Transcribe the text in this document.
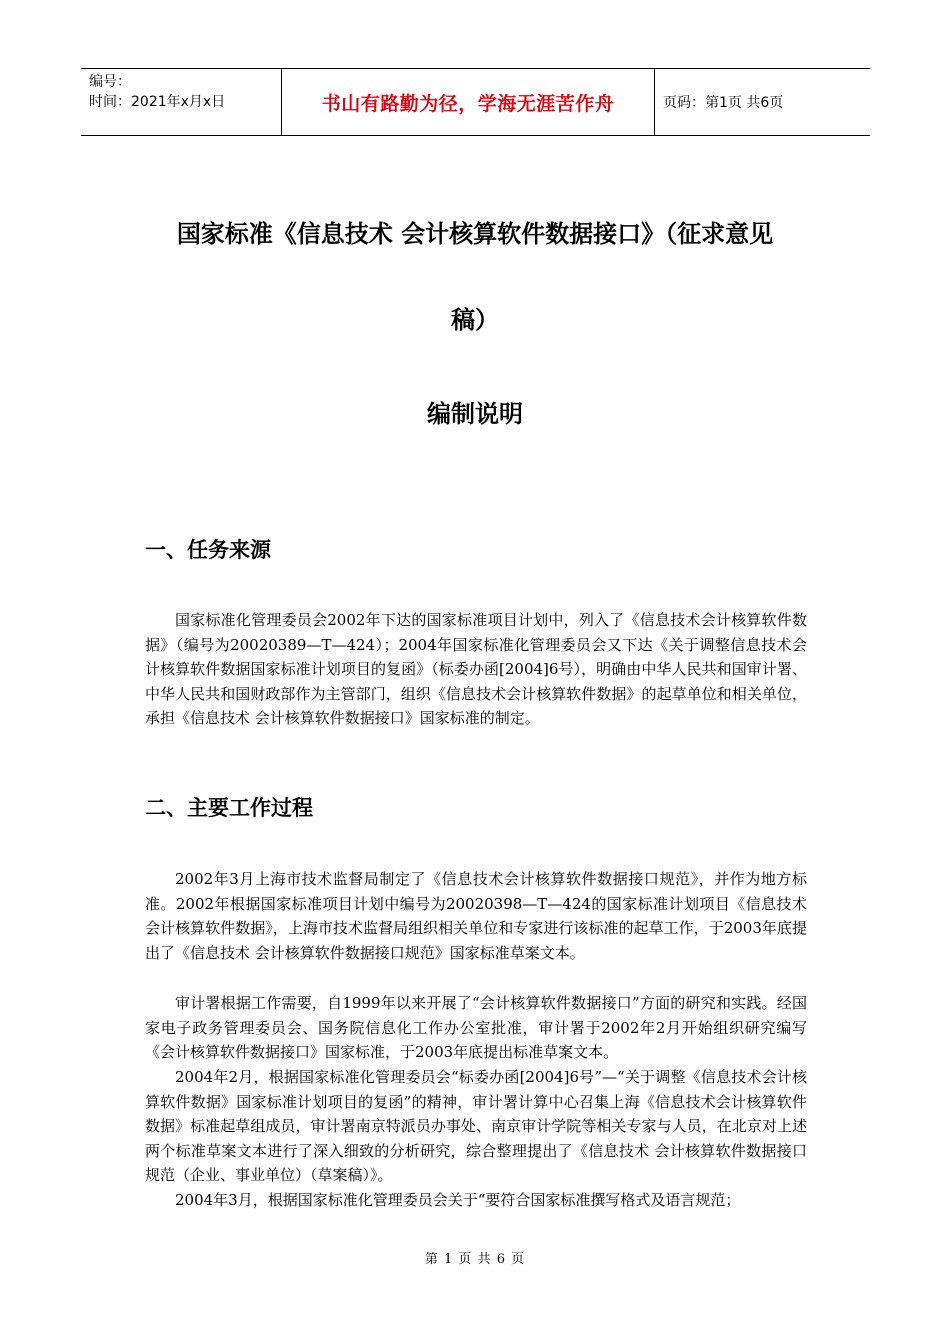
编号：
时间：2021年x月x日	书山有路勤为径，学海无涯苦作舟	页码：第1页 共6页
国家标准《信息技术 会计核算软件数据接口》（征求意见
稿）
编制说明
一、任务来源

国家标准化管理委员会2002年下达的国家标准项目计划中，列入了《信息技术会计核算软件数据》（编号为20020389—T—424）；2004年国家标准化管理委员会又下达《关于调整信息技术会计核算软件数据国家标准计划项目的复函》（标委办函[2004]6号），明确由中华人民共和国审计署、中华人民共和国财政部作为主管部门，组织《信息技术会计核算软件数据》的起草单位和相关单位，承担《信息技术 会计核算软件数据接口》国家标准的制定。

二、主要工作过程

2002年3月上海市技术监督局制定了《信息技术会计核算软件数据接口规范》，并作为地方标准。2002年根据国家标准项目计划中编号为20020398—T—424的国家标准计划项目《信息技术会计核算软件数据》，上海市技术监督局组织相关单位和专家进行该标准的起草工作，于2003年底提出了《信息技术 会计核算软件数据接口规范》国家标准草案文本。

审计署根据工作需要，自1999年以来开展了“会计核算软件数据接口”方面的研究和实践。经国家电子政务管理委员会、国务院信息化工作办公室批准，审计署于2002年2月开始组织研究编写《会计核算软件数据接口》国家标准，于2003年底提出标准草案文本。

2004年2月，根据国家标准化管理委员会“标委办函[2004]6号”—“关于调整《信息技术会计核算软件数据》国家标准计划项目的复函”的精神，审计署计算中心召集上海《信息技术会计核算软件数据》标准起草组成员，审计署南京特派员办事处、南京审计学院等相关专家与人员，在北京对上述两个标准草案文本进行了深入细致的分析研究，综合整理提出了《信息技术 会计核算软件数据接口规范（企业、事业单位）（草案稿）》。

2004年3月，根据国家标准化管理委员会关于“要符合国家标准撰写格式及语言规范；

第 1 页 共 6 页
